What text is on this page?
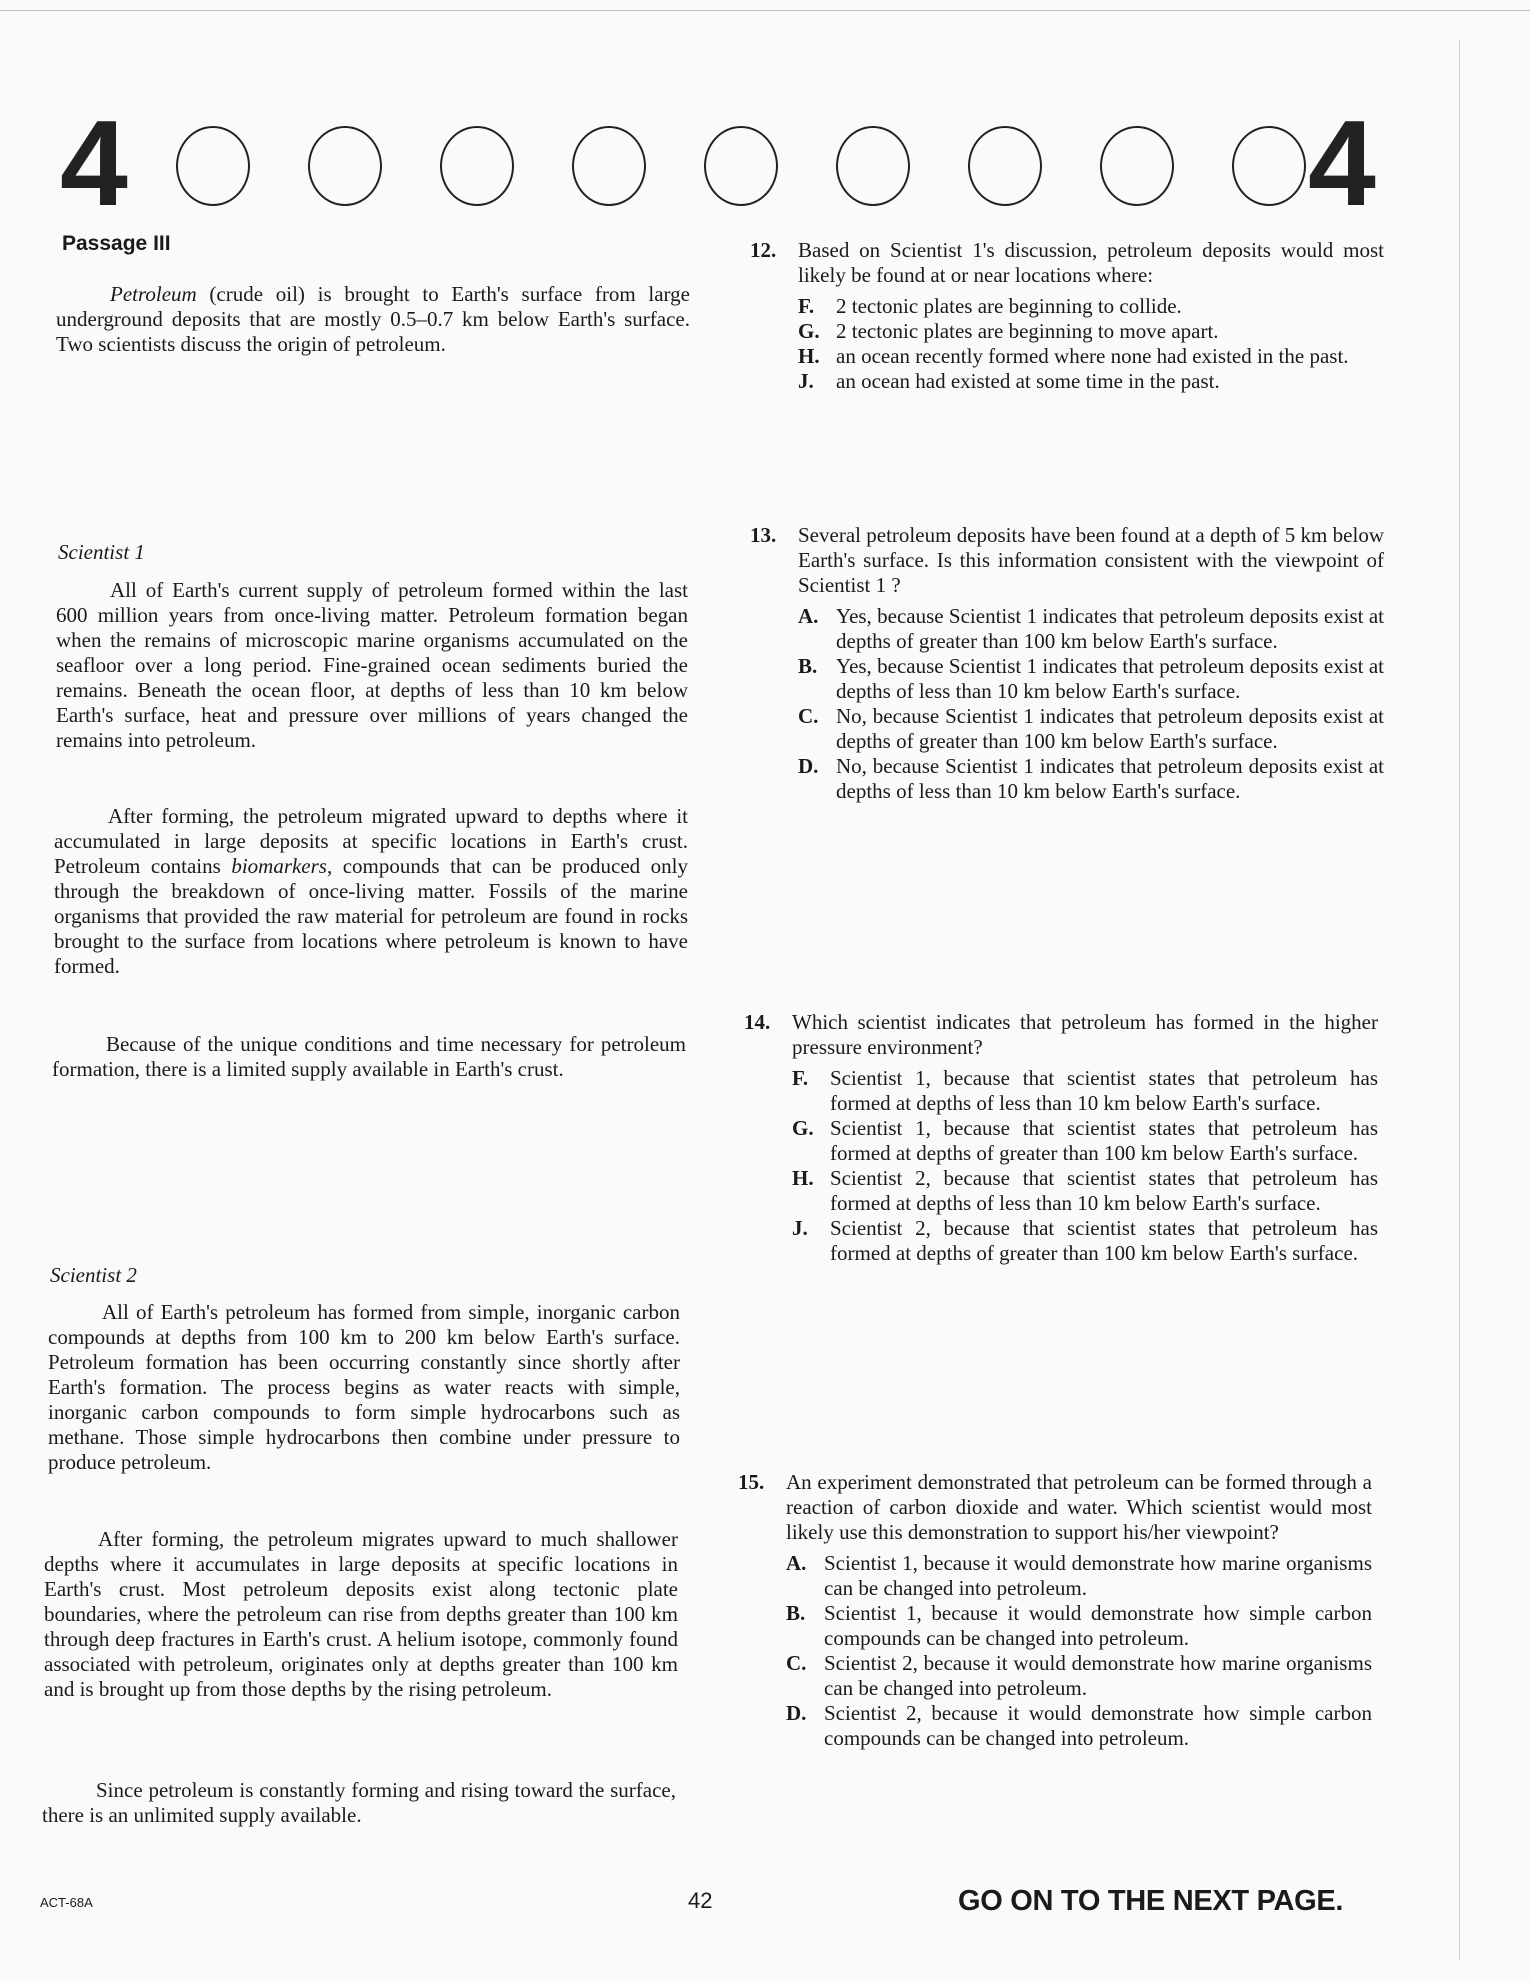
4	4
Passage III

Petroleum (crude oil) is brought to Earth's surface from large underground deposits that are mostly 0.5–0.7 km below Earth's surface. Two scientists discuss the origin of petroleum.

Scientist 1

All of Earth's current supply of petroleum formed within the last 600 million years from once-living matter. Petroleum formation began when the remains of microscopic marine organisms accumulated on the seafloor over a long period. Fine-grained ocean sediments buried the remains. Beneath the ocean floor, at depths of less than 10 km below Earth's surface, heat and pressure over millions of years changed the remains into petroleum.

After forming, the petroleum migrated upward to depths where it accumulated in large deposits at specific locations in Earth's crust. Petroleum contains biomarkers, compounds that can be produced only through the breakdown of once-living matter. Fossils of the marine organisms that provided the raw material for petroleum are found in rocks brought to the surface from locations where petroleum is known to have formed.

Because of the unique conditions and time necessary for petroleum formation, there is a limited supply available in Earth's crust.

Scientist 2

All of Earth's petroleum has formed from simple, inorganic carbon compounds at depths from 100 km to 200 km below Earth's surface. Petroleum formation has been occurring constantly since shortly after Earth's formation. The process begins as water reacts with simple, inorganic carbon compounds to form simple hydrocarbons such as methane. Those simple hydrocarbons then combine under pressure to produce petroleum.

After forming, the petroleum migrates upward to much shallower depths where it accumulates in large deposits at specific locations in Earth's crust. Most petroleum deposits exist along tectonic plate boundaries, where the petroleum can rise from depths greater than 100 km through deep fractures in Earth's crust. A helium isotope, commonly found associated with petroleum, originates only at depths greater than 100 km and is brought up from those depths by the rising petroleum.

Since petroleum is constantly forming and rising toward the surface, there is an unlimited supply available.

12. Based on Scientist 1's discussion, petroleum deposits would most likely be found at or near locations where:

F. 2 tectonic plates are beginning to collide.
G. 2 tectonic plates are beginning to move apart.
H. an ocean recently formed where none had existed in the past.
J. an ocean had existed at some time in the past.
13. Several petroleum deposits have been found at a depth of 5 km below Earth's surface. Is this information consistent with the viewpoint of Scientist 1 ?

A. Yes, because Scientist 1 indicates that petroleum deposits exist at depths of greater than 100 km below Earth's surface.
B. Yes, because Scientist 1 indicates that petroleum deposits exist at depths of less than 10 km below Earth's surface.
C. No, because Scientist 1 indicates that petroleum deposits exist at depths of greater than 100 km below Earth's surface.
D. No, because Scientist 1 indicates that petroleum deposits exist at depths of less than 10 km below Earth's surface.
14. Which scientist indicates that petroleum has formed in the higher pressure environment?

F. Scientist 1, because that scientist states that petroleum has formed at depths of less than 10 km below Earth's surface.
G. Scientist 1, because that scientist states that petroleum has formed at depths of greater than 100 km below Earth's surface.
H. Scientist 2, because that scientist states that petroleum has formed at depths of less than 10 km below Earth's surface.
J. Scientist 2, because that scientist states that petroleum has formed at depths of greater than 100 km below Earth's surface.
15. An experiment demonstrated that petroleum can be formed through a reaction of carbon dioxide and water. Which scientist would most likely use this demonstration to support his/her viewpoint?

A. Scientist 1, because it would demonstrate how marine organisms can be changed into petroleum.
B. Scientist 1, because it would demonstrate how simple carbon compounds can be changed into petroleum.
C. Scientist 2, because it would demonstrate how marine organisms can be changed into petroleum.
D. Scientist 2, because it would demonstrate how simple carbon compounds can be changed into petroleum.
ACT-68A	42	GO ON TO THE NEXT PAGE.
